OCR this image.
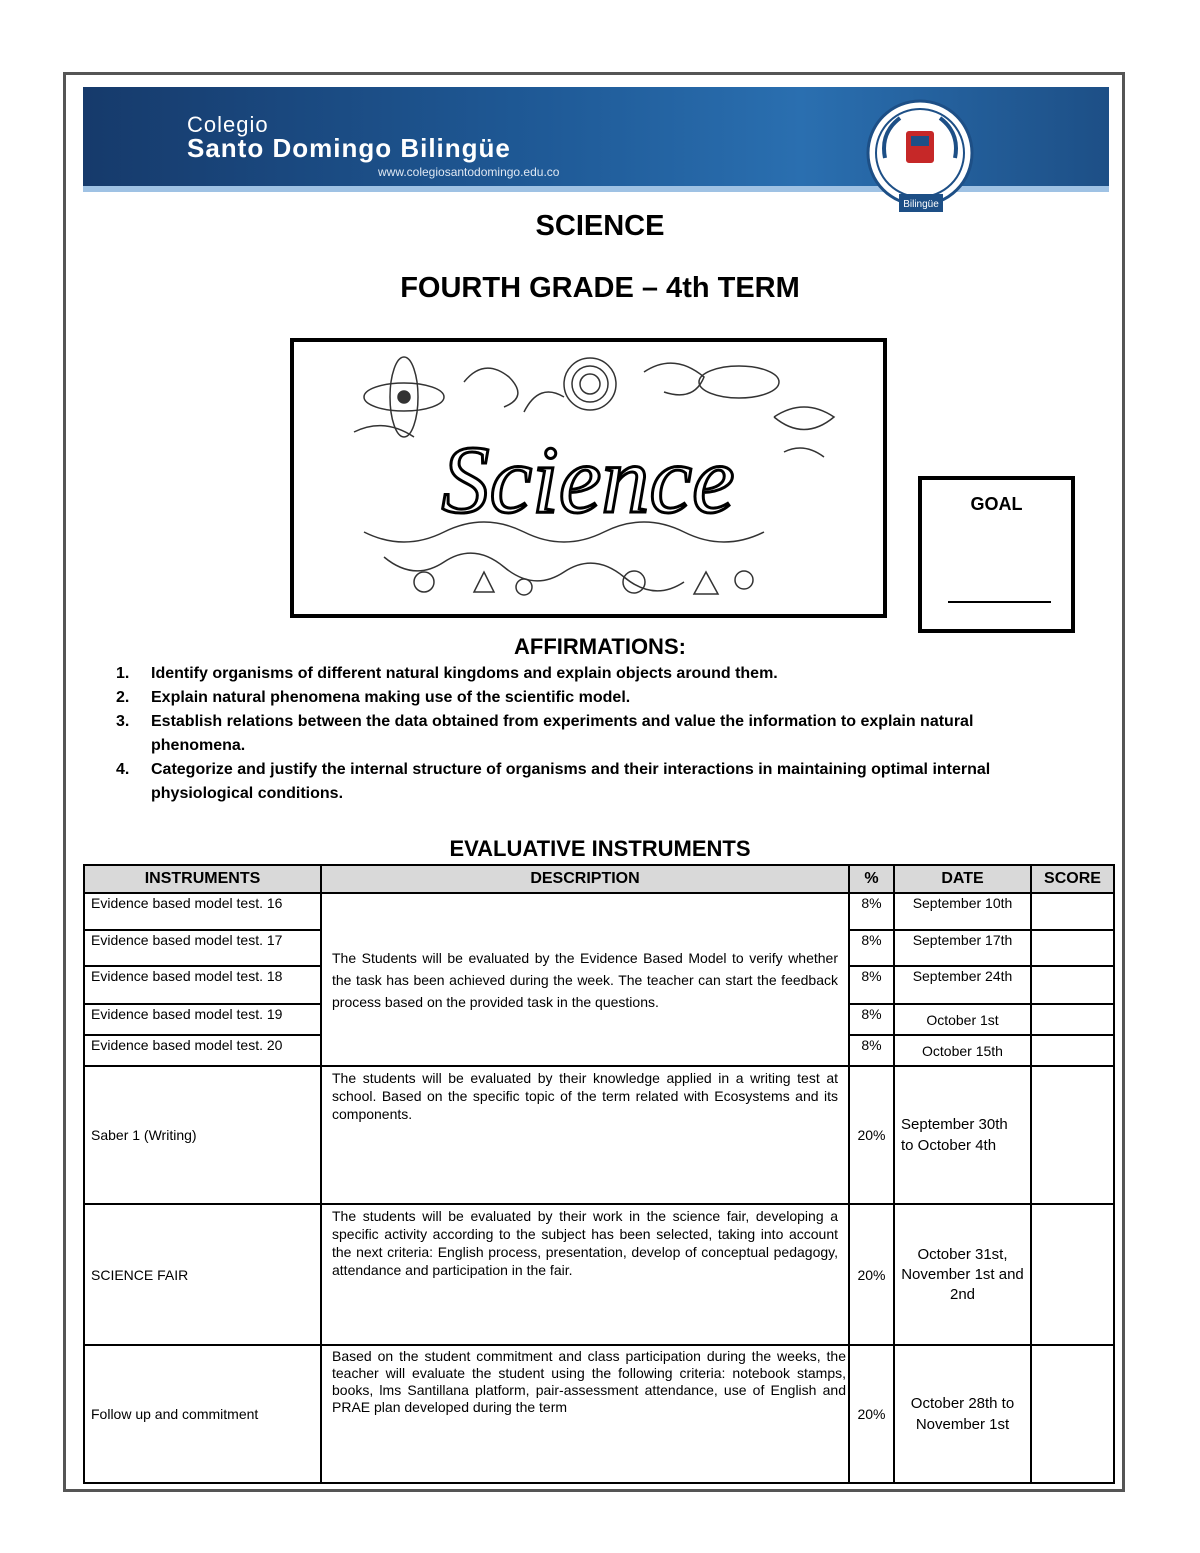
Colegio
Santo Domingo Bilingüe
www.colegiosantodomingo.edu.co
Bilingüe
SCIENCE
FOURTH GRADE – 4th TERM
Science	GOAL
AFFIRMATIONS:
1. Identify organisms of different natural kingdoms and explain objects around them.
2. Explain natural phenomena making use of the scientific model.
3. Establish relations between the data obtained from experiments and value the information to explain natural phenomena.
4. Categorize and justify the internal structure of organisms and their interactions in maintaining optimal internal physiological conditions.
EVALUATIVE INSTRUMENTS
INSTRUMENTS	DESCRIPTION	%	DATE	SCORE
Evidence based model test. 16	The Students will be evaluated by the Evidence Based Model to verify whether the task has been achieved during the week. The teacher can start the feedback process based on the provided task in the questions.	8%	September 10th	
Evidence based model test. 17		8%	September 17th	
Evidence based model test. 18		8%	September 24th	
Evidence based model test. 19		8%	October 1st	
Evidence based model test. 20		8%	October 15th	
Saber 1 (Writing)	The students will be evaluated by their knowledge applied in a writing test at school. Based on the specific topic of the term related with Ecosystems and its components.	20%	September 30th to October 4th	
SCIENCE FAIR	The students will be evaluated by their work in the science fair, developing a specific activity according to the subject has been selected, taking into account the next criteria: English process, presentation, develop of conceptual pedagogy, attendance and participation in the fair.	20%	October 31st, November 1st and 2nd	
Follow up and commitment	Based on the student commitment and class participation during the weeks, the teacher will evaluate the student using the following criteria: notebook stamps, books, lms Santillana platform, pair-assessment attendance, use of English and PRAE plan developed during the term	20%	October 28th to November 1st	
